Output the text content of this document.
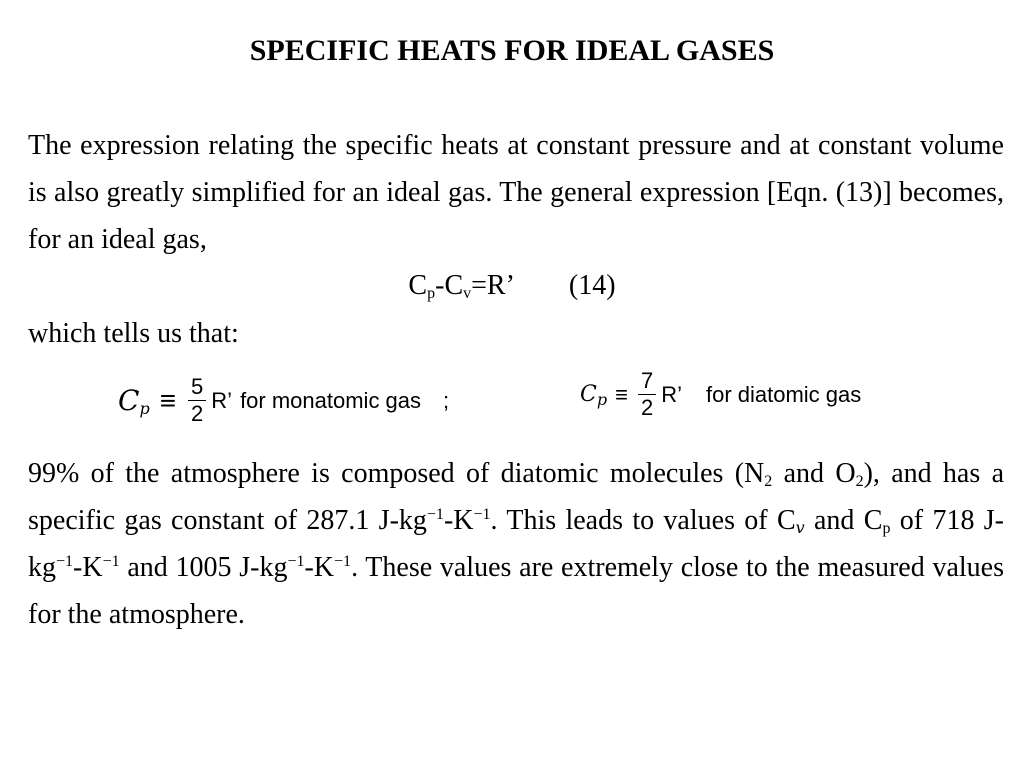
SPECIFIC HEATS FOR IDEAL GASES
The expression relating the specific heats at constant pressure and at constant volume is also greatly simplified for an ideal gas. The general expression [Eqn. (13)] becomes, for an ideal gas,
$C_p-C_v=R$’ (14)
which tells us that:
$C_p \equiv \frac{5}{2} R$’ for monatomic gas ;	$C_p \equiv \frac{7}{2} R$’ for diatomic gas
99% of the atmosphere is composed of diatomic molecules ($N_2$ and $O_2$), and has a specific gas constant of 287.1 $J-kg^{-1}-K^{-1}$. This leads to values of $C_v$ and $C_p$ of 718 $J-kg^{-1}-K^{-1}$ and 1005 $J-kg^{-1}-K^{-1}$. These values are extremely close to the measured values for the atmosphere.
